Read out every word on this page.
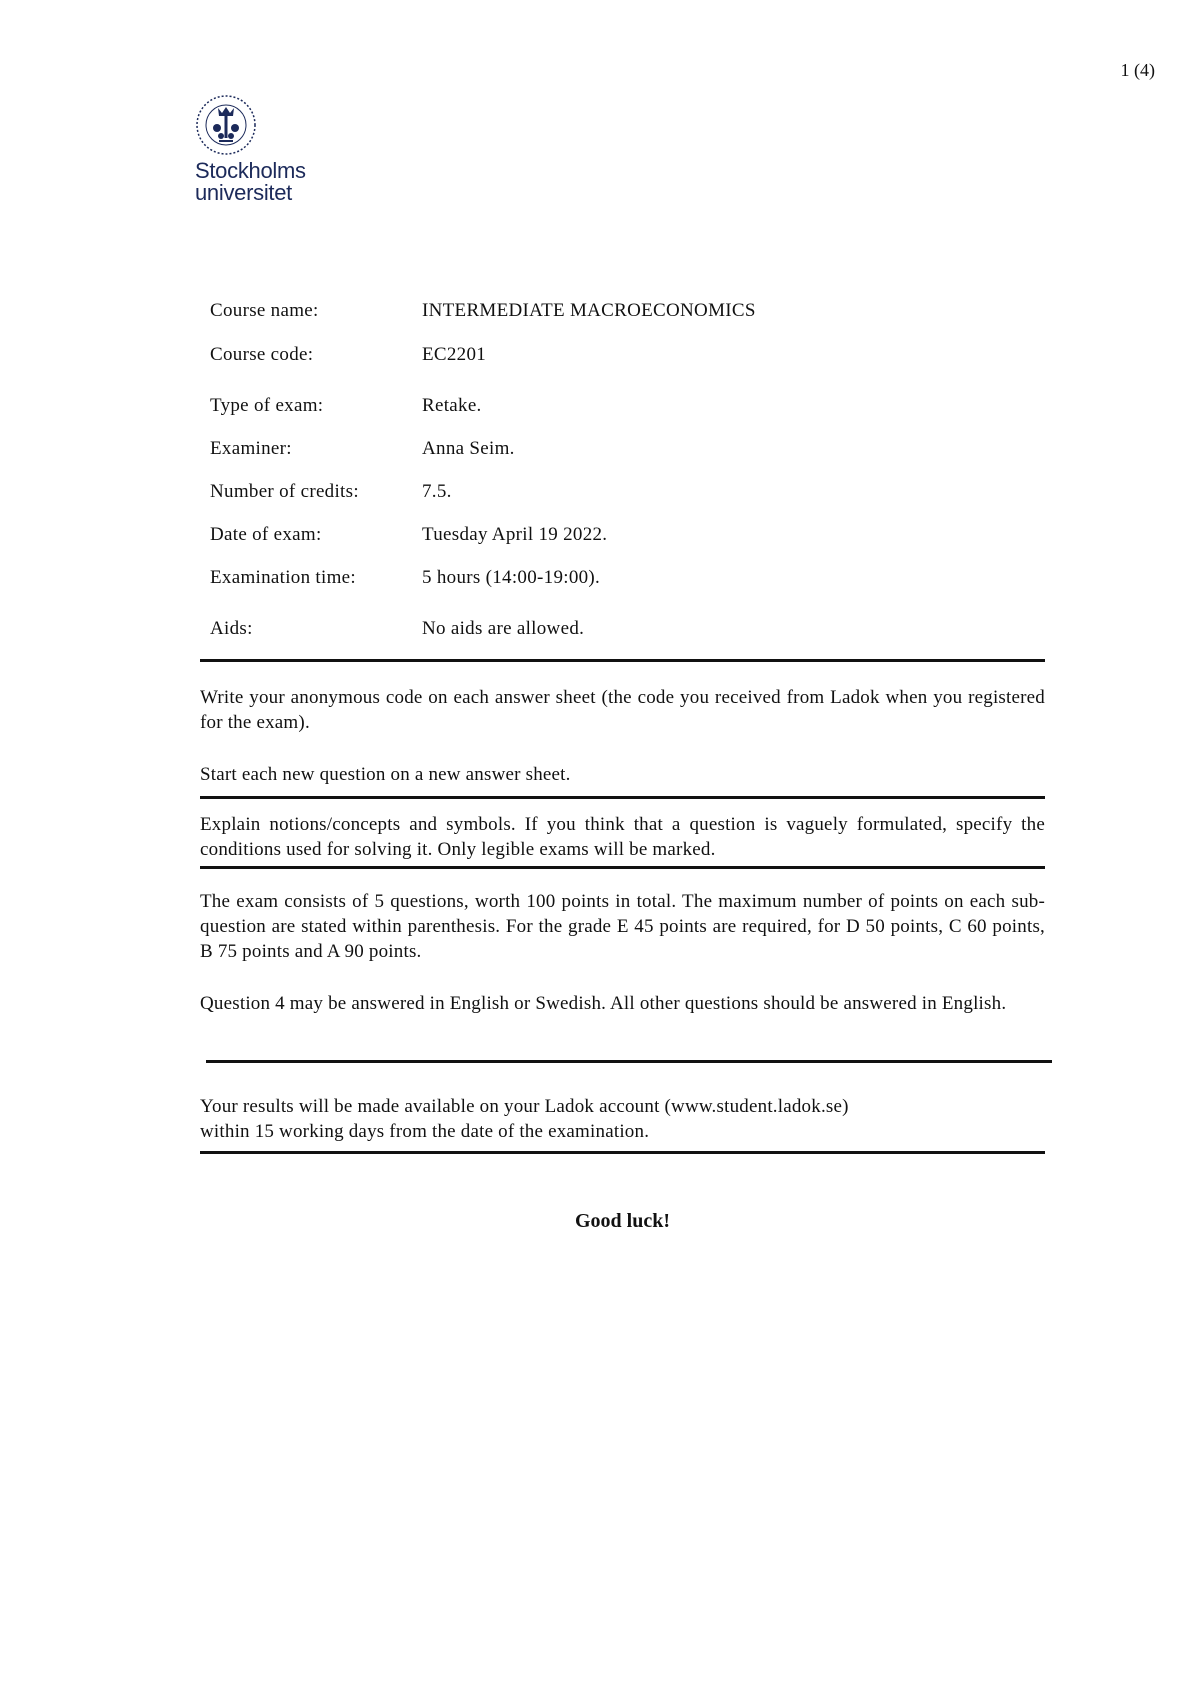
1 (4)
Stockholms
universitet
Course name:	INTERMEDIATE MACROECONOMICS
Course code:	EC2201
Type of exam:	Retake.
Examiner:	Anna Seim.
Number of credits:	7.5.
Date of exam:	Tuesday April 19 2022.
Examination time:	5 hours (14:00-19:00).
Aids:	No aids are allowed.
Write your anonymous code on each answer sheet (the code you received from Ladok when you registered for the exam).
Start each new question on a new answer sheet.
Explain notions/concepts and symbols. If you think that a question is vaguely formulated, specify the conditions used for solving it. Only legible exams will be marked.
The exam consists of 5 questions, worth 100 points in total. The maximum number of points on each sub-question are stated within parenthesis. For the grade E 45 points are required, for D 50 points, C 60 points, B 75 points and A 90 points.
Question 4 may be answered in English or Swedish. All other questions should be answered in English.
Your results will be made available on your Ladok account (www.student.ladok.se)
within 15 working days from the date of the examination.
Good luck!
